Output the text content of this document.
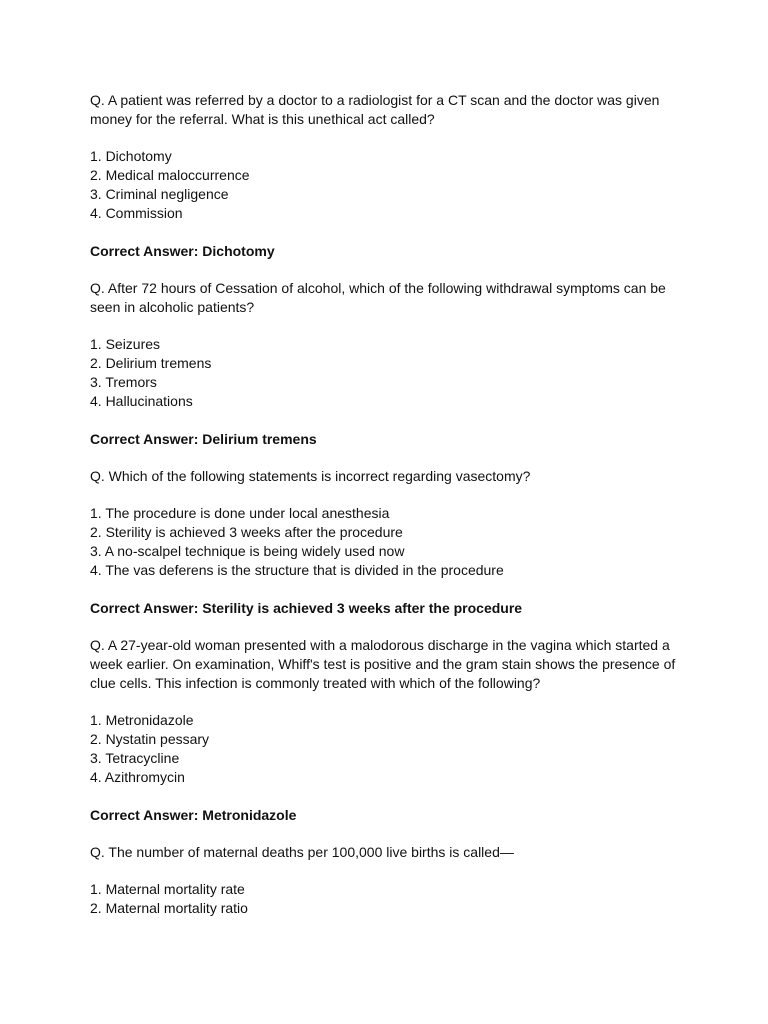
Q. A patient was referred by a doctor to a radiologist for a CT scan and the doctor was given money for the referral. What is this unethical act called?

1. Dichotomy
2. Medical maloccurrence
3. Criminal negligence
4. Commission

Correct Answer: Dichotomy

Q. After 72 hours of Cessation of alcohol, which of the following withdrawal symptoms can be seen in alcoholic patients?

1. Seizures
2. Delirium tremens
3. Tremors
4. Hallucinations

Correct Answer: Delirium tremens

Q. Which of the following statements is incorrect regarding vasectomy?

1. The procedure is done under local anesthesia
2. Sterility is achieved 3 weeks after the procedure
3. A no-scalpel technique is being widely used now
4. The vas deferens is the structure that is divided in the procedure

Correct Answer: Sterility is achieved 3 weeks after the procedure

Q. A 27-year-old woman presented with a malodorous discharge in the vagina which started a week earlier. On examination, Whiff's test is positive and the gram stain shows the presence of clue cells. This infection is commonly treated with which of the following?

1. Metronidazole
2. Nystatin pessary
3. Tetracycline
4. Azithromycin

Correct Answer: Metronidazole

Q. The number of maternal deaths per 100,000 live births is called—

1. Maternal mortality rate
2. Maternal mortality ratio
